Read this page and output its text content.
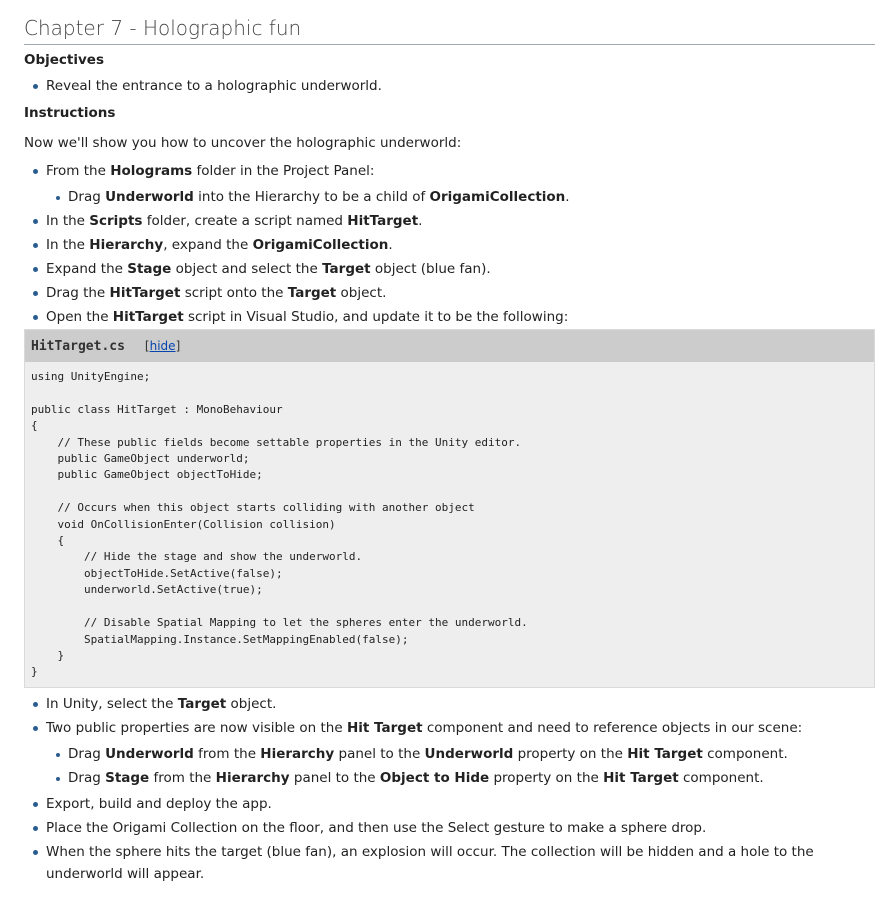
Chapter 7 - Holographic fun
Objectives
Reveal the entrance to a holographic underworld.
Instructions

Now we'll show you how to uncover the holographic underworld:

From the Holograms folder in the Project Panel:
Drag Underworld into the Hierarchy to be a child of OrigamiCollection.
In the Scripts folder, create a script named HitTarget.
In the Hierarchy, expand the OrigamiCollection.
Expand the Stage object and select the Target object (blue fan).
Drag the HitTarget script onto the Target object.
Open the HitTarget script in Visual Studio, and update it to be the following:
HitTarget.cs [hide]
using UnityEngine;

public class HitTarget : MonoBehaviour
{
// These public fields become settable properties in the Unity editor.
public GameObject underworld;
public GameObject objectToHide;

// Occurs when this object starts colliding with another object
void OnCollisionEnter(Collision collision)
{
// Hide the stage and show the underworld.
objectToHide.SetActive(false);
underworld.SetActive(true);

// Disable Spatial Mapping to let the spheres enter the underworld.
SpatialMapping.Instance.SetMappingEnabled(false);
}
}
In Unity, select the Target object.
Two public properties are now visible on the Hit Target component and need to reference objects in our scene:
Drag Underworld from the Hierarchy panel to the Underworld property on the Hit Target component.
Drag Stage from the Hierarchy panel to the Object to Hide property on the Hit Target component.
Export, build and deploy the app.
Place the Origami Collection on the floor, and then use the Select gesture to make a sphere drop.
When the sphere hits the target (blue fan), an explosion will occur. The collection will be hidden and a hole to the underworld will appear.
